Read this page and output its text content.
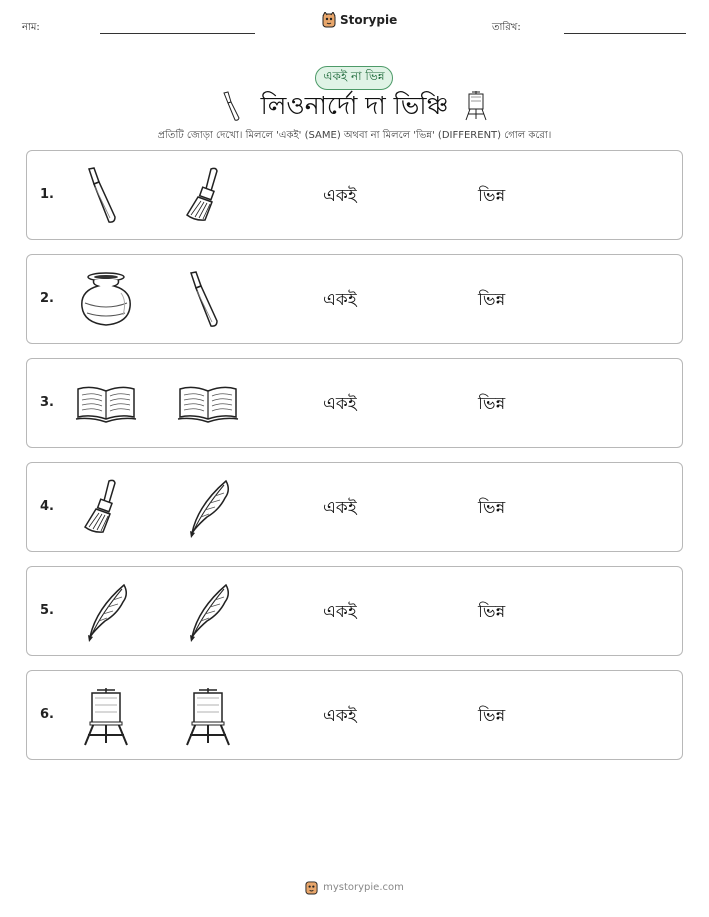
নাম:
Storypie
তারিখ:
একই না ভিন্ন
লিওনার্দো দা ভিঞ্চি
প্রতিটি জোড়া দেখো। মিললে 'একই' (SAME) অথবা না মিললে 'ভিন্ন' (DIFFERENT) গোল করো।
1.	একই	ভিন্ন
2.	একই	ভিন্ন
3.	একই	ভিন্ন
4.	একই	ভিন্ন
5.	একই	ভিন্ন
6.	একই	ভিন্ন
mystorypie.com
